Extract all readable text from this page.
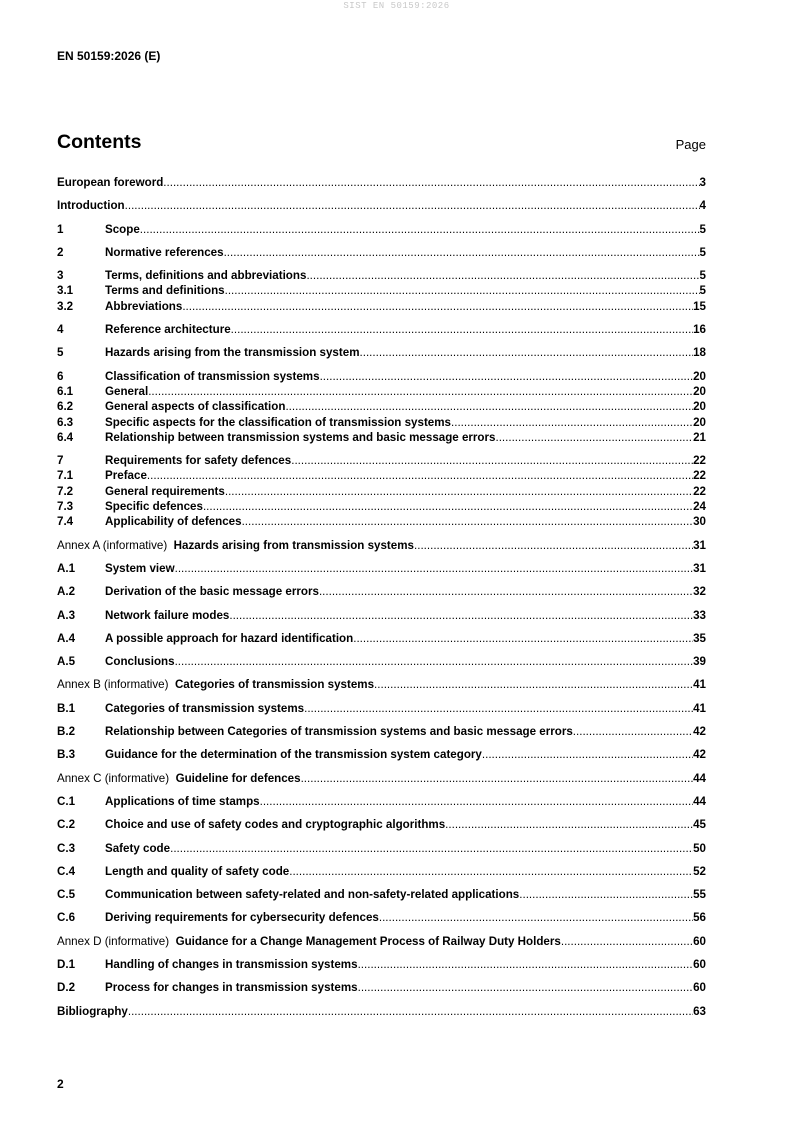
SIST EN 50159:2026
EN 50159:2026 (E)
Contents	Page
European foreword .....	3
Introduction .....	4
1	Scope .....	5
2	Normative references .....	5
3	Terms, definitions and abbreviations .....	5
3.1	Terms and definitions .....	5
3.2	Abbreviations .....	15
4	Reference architecture .....	16
5	Hazards arising from the transmission system .....	18
6	Classification of transmission systems .....	20
6.1	General .....	20
6.2	General aspects of classification .....	20
6.3	Specific aspects for the classification of transmission systems .....	20
6.4	Relationship between transmission systems and basic message errors .....	21
7	Requirements for safety defences .....	22
7.1	Preface .....	22
7.2	General requirements .....	22
7.3	Specific defences .....	24
7.4	Applicability of defences .....	30
Annex A (informative) Hazards arising from transmission systems .....	31
A.1	System view .....	31
A.2	Derivation of the basic message errors .....	32
A.3	Network failure modes .....	33
A.4	A possible approach for hazard identification .....	35
A.5	Conclusions .....	39
Annex B (informative) Categories of transmission systems .....	41
B.1	Categories of transmission systems .....	41
B.2	Relationship between Categories of transmission systems and basic message errors .....	42
B.3	Guidance for the determination of the transmission system category .....	42
Annex C (informative) Guideline for defences .....	44
C.1	Applications of time stamps .....	44
C.2	Choice and use of safety codes and cryptographic algorithms .....	45
C.3	Safety code .....	50
C.4	Length and quality of safety code .....	52
C.5	Communication between safety-related and non-safety-related applications .....	55
C.6	Deriving requirements for cybersecurity defences .....	56
Annex D (informative) Guidance for a Change Management Process of Railway Duty Holders .....	60
D.1	Handling of changes in transmission systems .....	60
D.2	Process for changes in transmission systems .....	60
Bibliography .....	63
2
